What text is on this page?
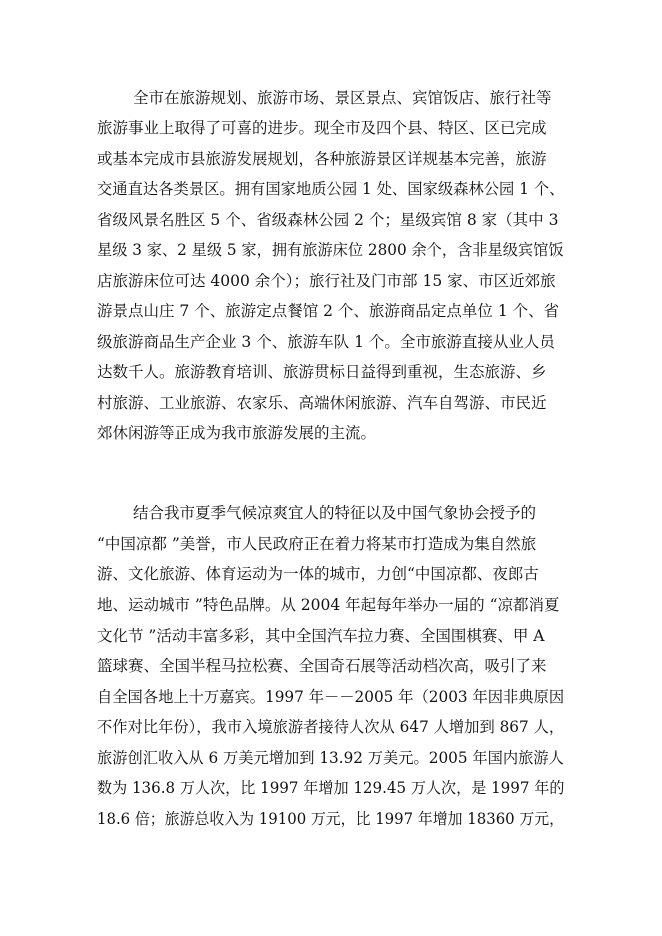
全市在旅游规划、旅游市场、景区景点、宾馆饭店、旅行社等
旅游事业上取得了可喜的进步。现全市及四个县、特区、区已完成
或基本完成市县旅游发展规划，各种旅游景区详规基本完善，旅游
交通直达各类景区。拥有国家地质公园 1 处、国家级森林公园 1 个、
省级风景名胜区 5 个、省级森林公园 2 个；星级宾馆 8 家（其中 3
星级 3 家、2 星级 5 家，拥有旅游床位 2800 余个，含非星级宾馆饭
店旅游床位可达 4000 余个）；旅行社及门市部 15 家、市区近郊旅
游景点山庄 7 个、旅游定点餐馆 2 个、旅游商品定点单位 1 个、省
级旅游商品生产企业 3 个、旅游车队 1 个。全市旅游直接从业人员
达数千人。旅游教育培训、旅游贯标日益得到重视，生态旅游、乡
村旅游、工业旅游、农家乐、高端休闲旅游、汽车自驾游、市民近
郊休闲游等正成为我市旅游发展的主流。
结合我市夏季气候凉爽宜人的特征以及中国气象协会授予的
“中国凉都 ”美誉，市人民政府正在着力将某市打造成为集自然旅
游、文化旅游、体育运动为一体的城市，力创“中国凉都、夜郎古
地、运动城市 ”特色品牌。从 2004 年起每年举办一届的 “凉都消夏
文化节 ”活动丰富多彩，其中全国汽车拉力赛、全国围棋赛、甲 A
篮球赛、全国半程马拉松赛、全国奇石展等活动档次高，吸引了来
自全国各地上十万嘉宾。1997 年－－2005 年（2003 年因非典原因
不作对比年份），我市入境旅游者接待人次从 647 人增加到 867 人，
旅游创汇收入从 6 万美元增加到 13.92 万美元。2005 年国内旅游人
数为 136.8 万人次，比 1997 年增加 129.45 万人次，是 1997 年的
18.6 倍；旅游总收入为 19100 万元，比 1997 年增加 18360 万元，
